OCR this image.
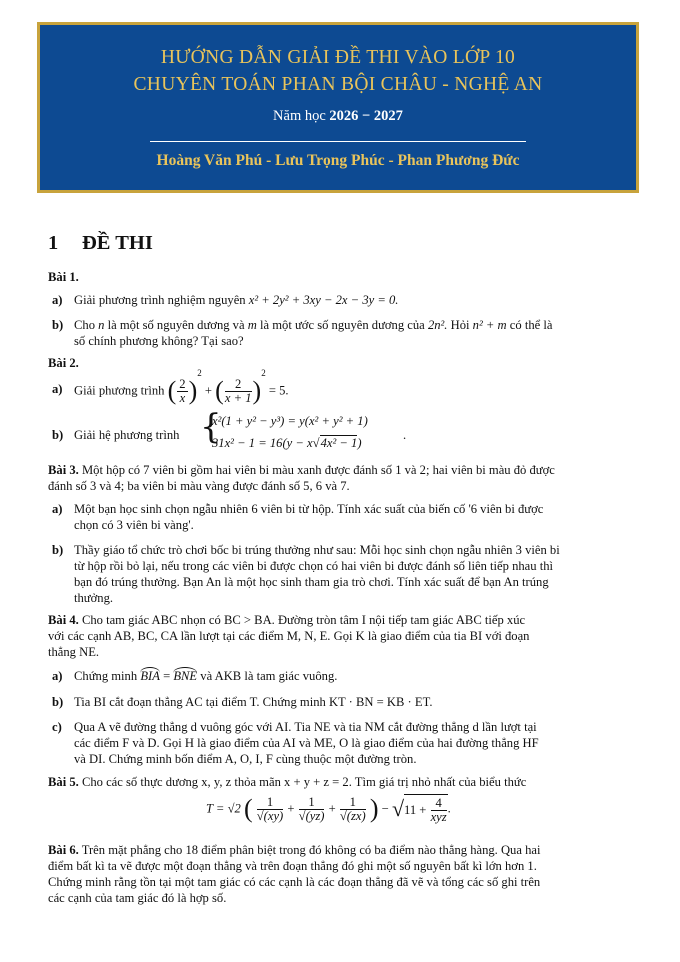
HƯỚNG DẪN GIẢI ĐỀ THI VÀO LỚP 10
CHUYÊN TOÁN PHAN BỘI CHÂU - NGHỆ AN
Năm học 2026 − 2027
Hoàng Văn Phú - Lưu Trọng Phúc - Phan Phương Đức
1 ĐỀ THI
Bài 1.
a) Giải phương trình nghiệm nguyên x² + 2y² + 3xy − 2x − 3y = 0.
b) Cho n là một số nguyên dương và m là một ước số nguyên dương của 2n². Hỏi n² + m có thể là
số chính phương không? Tại sao?
Bài 2.
a) Giải phương trình ( $\frac{2}{x} )^2$ + ( $\frac{2}{x + 1} )^2 = 5$.
b) Giải hệ phương trình {
x²(1 + y² − y³) = y(x² + y² + 1)
31x² − 1 = 16(y − x√4x² − 1)
.
Bài 3. Một hộp có 7 viên bi gồm hai viên bi màu xanh được đánh số 1 và 2; hai viên bi màu đỏ được
đánh số 3 và 4; ba viên bi màu vàng được đánh số 5, 6 và 7.
a) Một bạn học sinh chọn ngẫu nhiên 6 viên bi từ hộp. Tính xác suất của biến cố '6 viên bi được
chọn có 3 viên bi vàng'.
b) Thầy giáo tổ chức trò chơi bốc bi trúng thưởng như sau: Mỗi học sinh chọn ngẫu nhiên 3 viên bi
từ hộp rồi bỏ lại, nếu trong các viên bi được chọn có hai viên bi được đánh số liên tiếp nhau thì
bạn đó trúng thưởng. Bạn An là một học sinh tham gia trò chơi. Tính xác suất để bạn An trúng
thưởng.
Bài 4. Cho tam giác ABC nhọn có BC > BA. Đường tròn tâm I nội tiếp tam giác ABC tiếp xúc
với các cạnh AB, BC, CA lần lượt tại các điểm M, N, E. Gọi K là giao điểm của tia BI với đoạn
thẳng NE.
a) Chứng minh BIA = BNE và AKB là tam giác vuông.
b) Tia BI cắt đoạn thẳng AC tại điểm T. Chứng minh KT · BN = KB · ET.
c) Qua A vẽ đường thẳng d vuông góc với AI. Tia NE và tia NM cắt đường thẳng d lần lượt tại
các điểm F và D. Gọi H là giao điểm của AI và ME, O là giao điểm của hai đường thẳng HF
và DI. Chứng minh bốn điểm A, O, I, F cùng thuộc một đường tròn.
Bài 5. Cho các số thực dương x, y, z thỏa mãn x + y + z = 2. Tìm giá trị nhỏ nhất của biểu thức
T = √2 ( $\frac{1}{√(xy)} + \frac{1}{√(yz)} + \frac{1}{√(zx)}$ ) − $√11 + \frac{4}{\text{xyz}}$ .
Bài 6. Trên mặt phẳng cho 18 điểm phân biệt trong đó không có ba điểm nào thẳng hàng. Qua hai
điểm bất kì ta vẽ được một đoạn thẳng và trên đoạn thẳng đó ghi một số nguyên bất kì lớn hơn 1.
Chứng minh rằng tồn tại một tam giác có các cạnh là các đoạn thẳng đã vẽ và tổng các số ghi trên
các cạnh của tam giác đó là hợp số.
